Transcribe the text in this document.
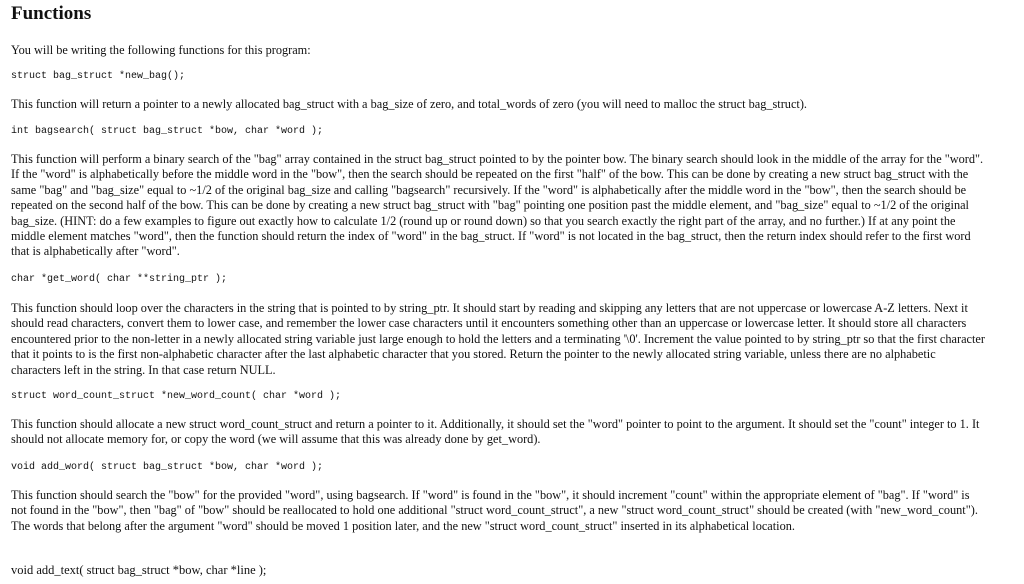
Functions

You will be writing the following functions for this program:

struct bag_struct *new_bag();

This function will return a pointer to a newly allocated bag_struct with a bag_size of zero, and total_words of zero (you will need to malloc the struct bag_struct).

int bagsearch( struct bag_struct *bow, char *word );

This function will perform a binary search of the "bag" array contained in the struct bag_struct pointed to by the pointer bow. The binary search should look in the middle of the array for the "word". If the "word" is alphabetically before the middle word in the "bow", then the search should be repeated on the first "half" of the bow. This can be done by creating a new struct bag_struct with the same "bag" and "bag_size" equal to ~1/2 of the original bag_size and calling "bagsearch" recursively. If the "word" is alphabetically after the middle word in the "bow", then the search should be repeated on the second half of the bow. This can be done by creating a new struct bag_struct with "bag" pointing one position past the middle element, and "bag_size" equal to ~1/2 of the original bag_size. (HINT: do a few examples to figure out exactly how to calculate 1/2 (round up or round down) so that you search exactly the right part of the array, and no further.) If at any point the middle element matches "word", then the function should return the index of "word" in the bag_struct. If "word" is not located in the bag_struct, then the return index should refer to the first word that is alphabetically after "word".

char *get_word( char **string_ptr );

This function should loop over the characters in the string that is pointed to by string_ptr. It should start by reading and skipping any letters that are not uppercase or lowercase A-Z letters. Next it should read characters, convert them to lower case, and remember the lower case characters until it encounters something other than an uppercase or lowercase letter. It should store all characters encountered prior to the non-letter in a newly allocated string variable just large enough to hold the letters and a terminating '\0'. Increment the value pointed to by string_ptr so that the first character that it points to is the first non-alphabetic character after the last alphabetic character that you stored. Return the pointer to the newly allocated string variable, unless there are no alphabetic characters left in the string. In that case return NULL.

struct word_count_struct *new_word_count( char *word );

This function should allocate a new struct word_count_struct and return a pointer to it. Additionally, it should set the "word" pointer to point to the argument. It should set the "count" integer to 1. It should not allocate memory for, or copy the word (we will assume that this was already done by get_word).

void add_word( struct bag_struct *bow, char *word );

This function should search the "bow" for the provided "word", using bagsearch. If "word" is found in the "bow", it should increment "count" within the appropriate element of "bag". If "word" is not found in the "bow", then "bag" of "bow" should be reallocated to hold one additional "struct word_count_struct", a new "struct word_count_struct" should be created (with "new_word_count"). The words that belong after the argument "word" should be moved 1 position later, and the new "struct word_count_struct" inserted in its alphabetical location.

void add_text( struct bag_struct *bow, char *line );
